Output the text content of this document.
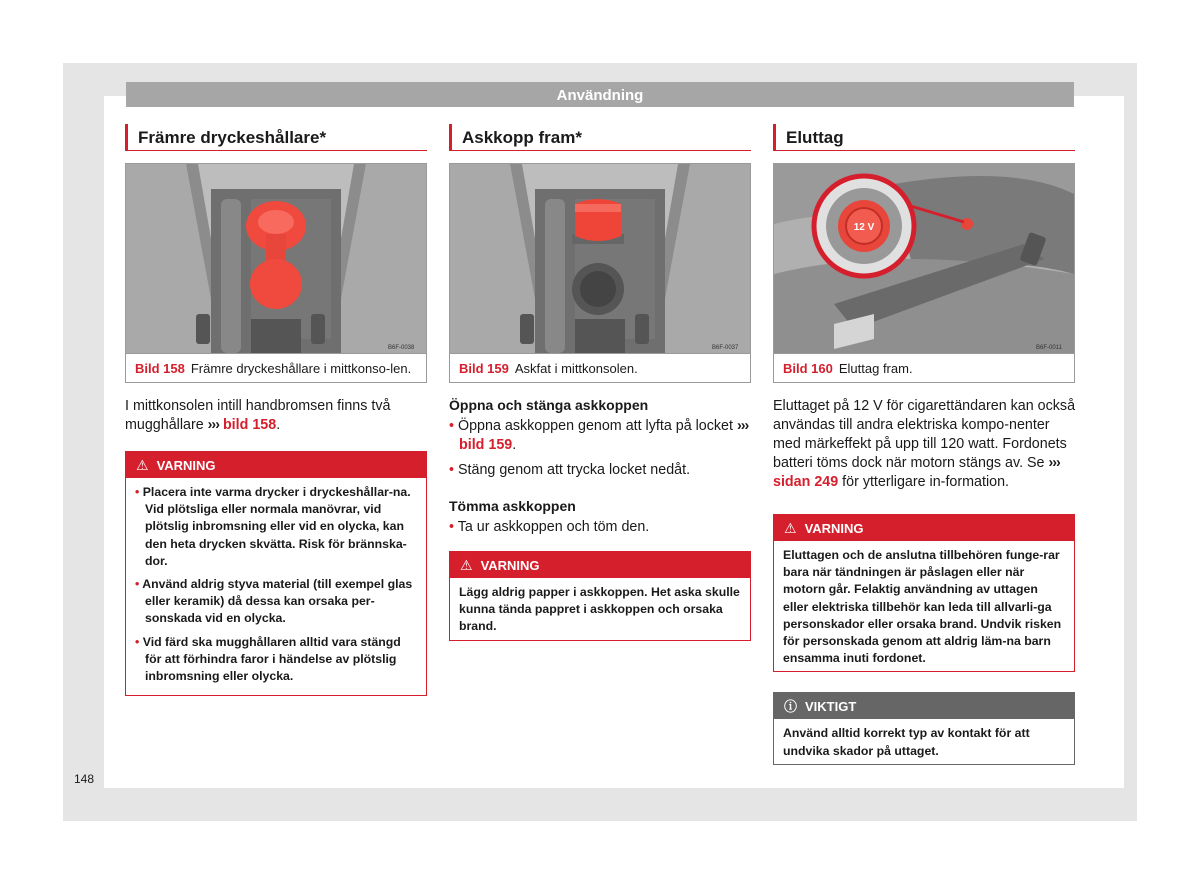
Användning
Främre dryckeshållare*
B6F-0038
Bild 158 Främre dryckeshållare i mittkonso-len.
I mittkonsolen intill handbromsen finns två mugghållare ››› bild 158.
⚠ VARNING
• Placera inte varma drycker i dryckeshållar-na. Vid plötsliga eller normala manövrar, vid plötslig inbromsning eller vid en olycka, kan den heta drycken skvätta. Risk för brännska-dor.
• Använd aldrig styva material (till exempel glas eller keramik) då dessa kan orsaka per-sonskada vid en olycka.
• Vid färd ska mugghållaren alltid vara stängd för att förhindra faror i händelse av plötslig inbromsning eller olycka.
Askkopp fram*
B6F-0037
Bild 159 Askfat i mittkonsolen.
Öppna och stänga askkoppen
• Öppna askkoppen genom att lyfta på locket ››› bild 159.
• Stäng genom att trycka locket nedåt.
Tömma askkoppen
• Ta ur askkoppen och töm den.
⚠ VARNING
Lägg aldrig papper i askkoppen. Het aska skulle kunna tända pappret i askkoppen och orsaka brand.
Eluttag
12 V
B6F-0011
Bild 160 Eluttag fram.
Eluttaget på 12 V för cigarettändaren kan också användas till andra elektriska kompo-nenter med märkeffekt på upp till 120 watt. Fordonets batteri töms dock när motorn stängs av. Se ››› sidan 249 för ytterligare in-formation.
⚠ VARNING
Eluttagen och de anslutna tillbehören funge-rar bara när tändningen är påslagen eller när motorn går. Felaktig användning av uttagen eller elektriska tillbehör kan leda till allvarli-ga personskador eller orsaka brand. Undvik risken för personskada genom att aldrig läm-na barn ensamma inuti fordonet.
ⓘ VIKTIGT
Använd alltid korrekt typ av kontakt för att undvika skador på uttaget.
148
